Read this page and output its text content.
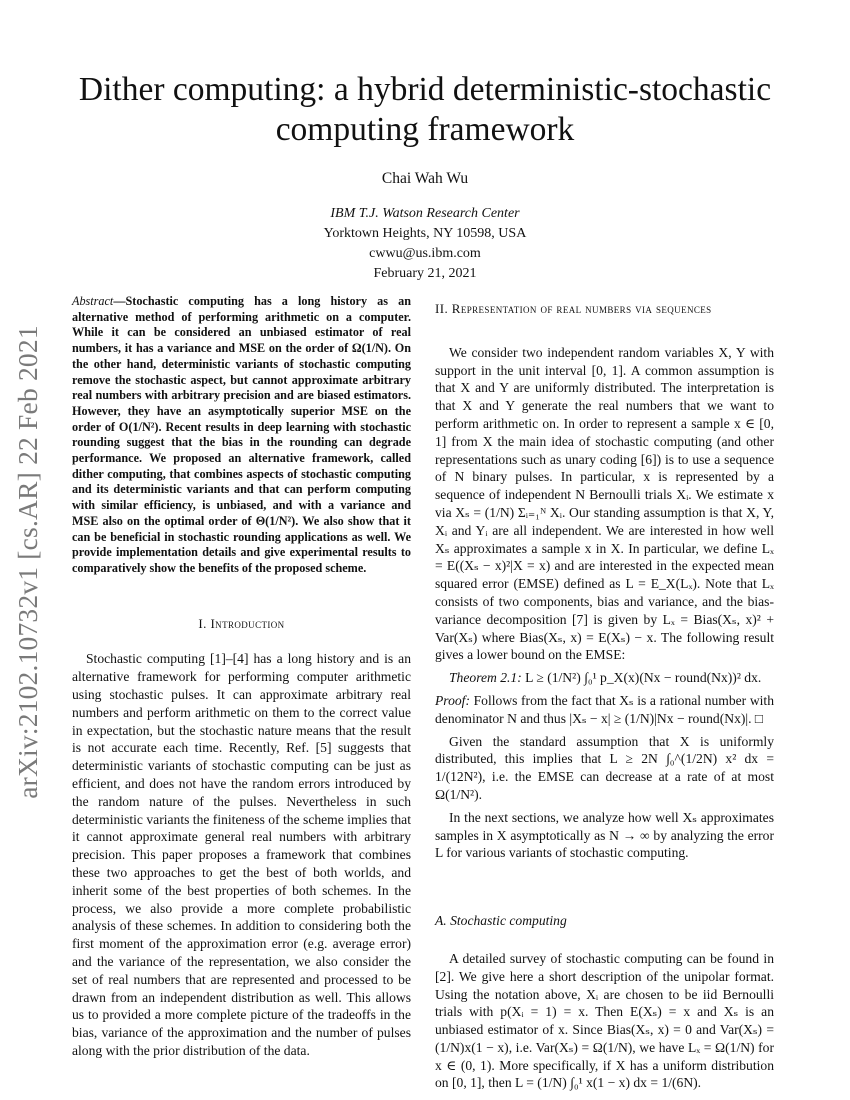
arXiv:2102.10732v1 [cs.AR] 22 Feb 2021
Dither computing: a hybrid deterministic-stochastic computing framework
Chai Wah Wu
IBM T.J. Watson Research Center
Yorktown Heights, NY 10598, USA
cwwu@us.ibm.com
February 21, 2021
Abstract—Stochastic computing has a long history as an alternative method of performing arithmetic on a computer. While it can be considered an unbiased estimator of real numbers, it has a variance and MSE on the order of Ω(1/N). On the other hand, deterministic variants of stochastic computing remove the stochastic aspect, but cannot approximate arbitrary real numbers with arbitrary precision and are biased estimators. However, they have an asymptotically superior MSE on the order of O(1/N²). Recent results in deep learning with stochastic rounding suggest that the bias in the rounding can degrade performance. We proposed an alternative framework, called dither computing, that combines aspects of stochastic computing and its deterministic variants and that can perform computing with similar efficiency, is unbiased, and with a variance and MSE also on the optimal order of Θ(1/N²). We also show that it can be beneficial in stochastic rounding applications as well. We provide implementation details and give experimental results to comparatively show the benefits of the proposed scheme.
I. Introduction

Stochastic computing [1]–[4] has a long history and is an alternative framework for performing computer arithmetic using stochastic pulses. It can approximate arbitrary real numbers and perform arithmetic on them to the correct value in expectation, but the stochastic nature means that the result is not accurate each time. Recently, Ref. [5] suggests that deterministic variants of stochastic computing can be just as efficient, and does not have the random errors introduced by the random nature of the pulses. Nevertheless in such deterministic variants the finiteness of the scheme implies that it cannot approximate general real numbers with arbitrary precision. This paper proposes a framework that combines these two approaches to get the best of both worlds, and inherit some of the best properties of both schemes. In the process, we also provide a more complete probabilistic analysis of these schemes. In addition to considering both the first moment of the approximation error (e.g. average error) and the variance of the representation, we also consider the set of real numbers that are represented and processed to be drawn from an independent distribution as well. This allows us to provided a more complete picture of the tradeoffs in the bias, variance of the approximation and the number of pulses along with the prior distribution of the data.

II. Representation of real numbers via sequences

We consider two independent random variables X, Y with support in the unit interval [0, 1]. A common assumption is that X and Y are uniformly distributed. The interpretation is that X and Y generate the real numbers that we want to perform arithmetic on. In order to represent a sample x ∈ [0, 1] from X the main idea of stochastic computing (and other representations such as unary coding [6]) is to use a sequence of N binary pulses. In particular, x is represented by a sequence of independent N Bernoulli trials Xᵢ. We estimate x via Xₛ = (1/N) Σᵢ₌₁ᴺ Xᵢ. Our standing assumption is that X, Y, Xᵢ and Yᵢ are all independent. We are interested in how well Xₛ approximates a sample x in X. In particular, we define Lₓ = E((Xₛ − x)²|X = x) and are interested in the expected mean squared error (EMSE) defined as L = E_X(Lₓ). Note that Lₓ consists of two components, bias and variance, and the bias-variance decomposition [7] is given by Lₓ = Bias(Xₛ, x)² + Var(Xₛ) where Bias(Xₛ, x) = E(Xₛ) − x. The following result gives a lower bound on the EMSE:

Theorem 2.1: L ≥ (1/N²) ∫₀¹ p_X(x)(Nx − round(Nx))² dx.

Proof: Follows from the fact that Xₛ is a rational number with denominator N and thus |Xₛ − x| ≥ (1/N)|Nx − round(Nx)|. □

Given the standard assumption that X is uniformly distributed, this implies that L ≥ 2N ∫₀^(1/2N) x² dx = 1/(12N²), i.e. the EMSE can decrease at a rate of at most Ω(1/N²).

In the next sections, we analyze how well Xₛ approximates samples in X asymptotically as N → ∞ by analyzing the error L for various variants of stochastic computing.

A. Stochastic computing

A detailed survey of stochastic computing can be found in [2]. We give here a short description of the unipolar format. Using the notation above, Xᵢ are chosen to be iid Bernoulli trials with p(Xᵢ = 1) = x. Then E(Xₛ) = x and Xₛ is an unbiased estimator of x. Since Bias(Xₛ, x) = 0 and Var(Xₛ) = (1/N)x(1 − x), i.e. Var(Xₛ) = Ω(1/N), we have Lₓ = Ω(1/N) for x ∈ (0, 1). More specifically, if X has a uniform distribution on [0, 1], then L = (1/N) ∫₀¹ x(1 − x) dx = 1/(6N).
